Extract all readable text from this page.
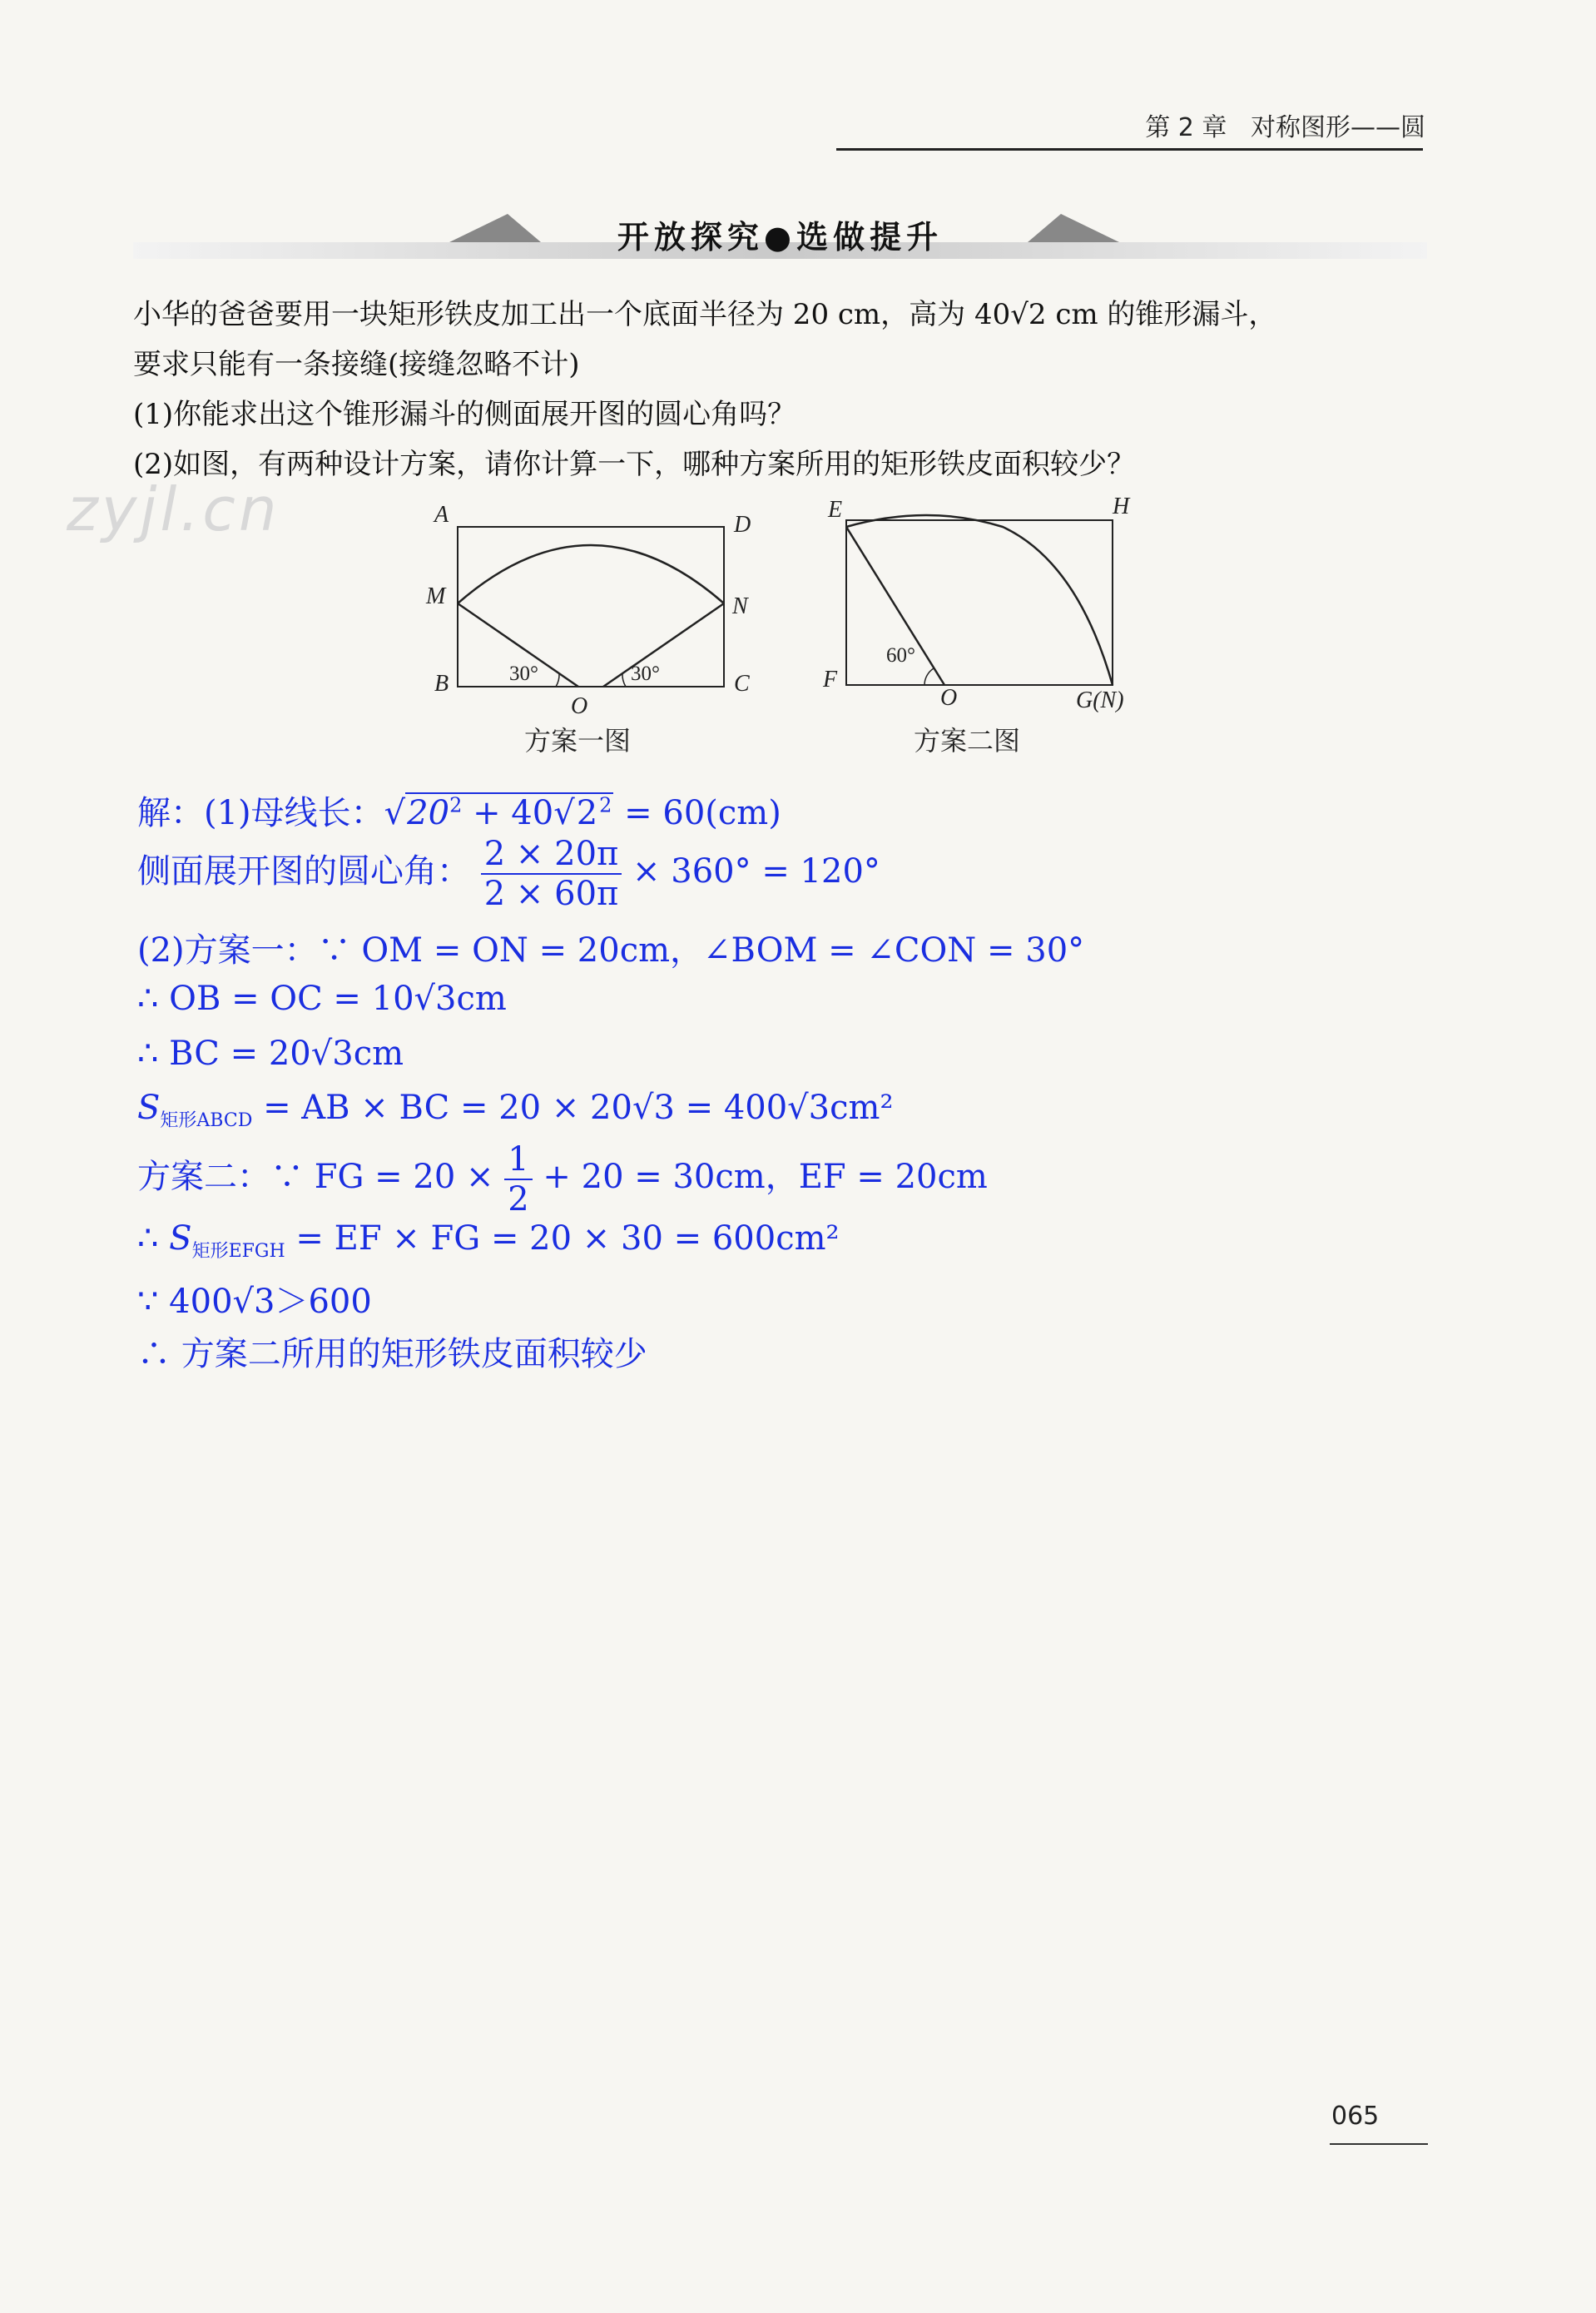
第 2 章 对称图形——圆
开放探究●选做提升
小华的爸爸要用一块矩形铁皮加工出一个底面半径为 20 cm，高为 40√2 cm 的锥形漏斗，
要求只能有一条接缝(接缝忽略不计)
(1)你能求出这个锥形漏斗的侧面展开图的圆心角吗？
(2)如图，有两种设计方案，请你计算一下，哪种方案所用的矩形铁皮面积较少？
zyjl.cn	A	D
M	N
B	C
O
30°	30°
方案一图
E	H
F
O	G(N)
60°
方案二图
解：(1)母线长：$√20^2 + 40√2^2 = 60(cm)$
侧面展开图的圆心角： $\frac{2 \times 20\pi}{2 \times 60\pi} \times 360^\circ = 120^\circ$
(2)方案一：∵ OM = ON = 20cm，∠BOM = ∠CON = 30°
∴ OB = OC = 10√3cm
∴ BC = 20√3cm
$S_{矩形ABCD}$ = AB × BC = 20 × 20√3 = 400√3cm²
方案二：∵ FG = $20 \times \frac{1}{2} + 20 = 30cm$，EF = 20cm
∴ $S_{矩形EFGH}$ = EF × FG = 20 × 30 = 600cm²
∵ 400√3＞600
∴ 方案二所用的矩形铁皮面积较少
065
